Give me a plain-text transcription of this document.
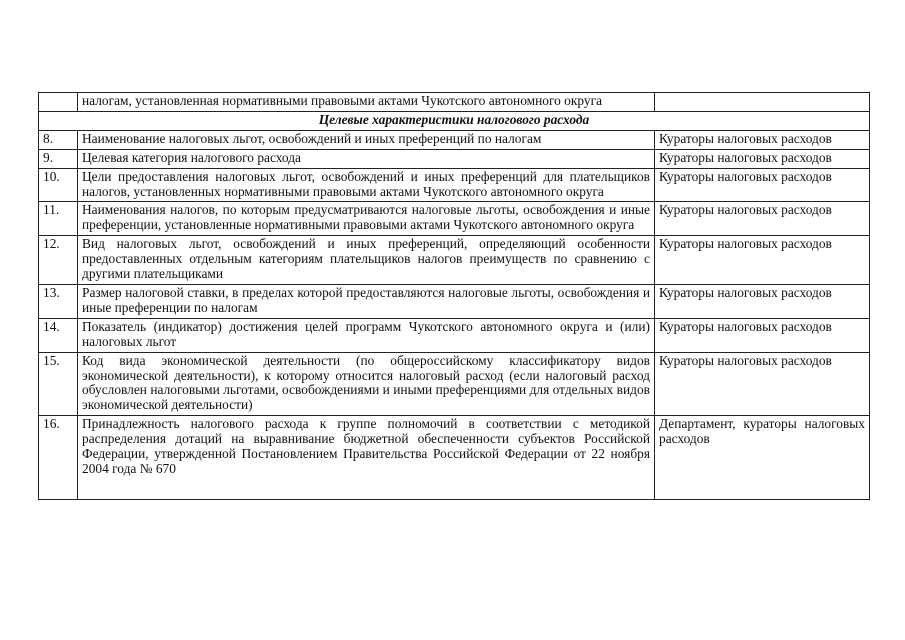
	налогам, установленная нормативными правовыми актами Чукотского автономного округа	
Целевые характеристики налогового расхода		
8.	Наименование налоговых льгот, освобождений и иных преференций по налогам	Кураторы налоговых расходов
9.	Целевая категория налогового расхода	Кураторы налоговых расходов
10.	Цели предоставления налоговых льгот, освобождений и иных преференций для плательщиков налогов, установленных нормативными правовыми актами Чукотского автономного округа	Кураторы налоговых расходов
11.	Наименования налогов, по которым предусматриваются налоговые льготы, освобождения и иные преференции, установленные нормативными правовыми актами Чукотского автономного округа	Кураторы налоговых расходов
12.	Вид налоговых льгот, освобождений и иных преференций, определяющий особенности предоставленных отдельным категориям плательщиков налогов преимуществ по сравнению с другими плательщиками	Кураторы налоговых расходов
13.	Размер налоговой ставки, в пределах которой предоставляются налоговые льготы, освобождения и иные преференции по налогам	Кураторы налоговых расходов
14.	Показатель (индикатор) достижения целей программ Чукотского автономного округа и (или) налоговых льгот	Кураторы налоговых расходов
15.	Код вида экономической деятельности (по общероссийскому классификатору видов экономической деятельности), к которому относится налоговый расход (если налоговый расход обусловлен налоговыми льготами, освобождениями и иными преференциями для отдельных видов экономической деятельности)	Кураторы налоговых расходов
16.	Принадлежность налогового расхода к группе полномочий в соответствии с методикой распределения дотаций на выравнивание бюджетной обеспеченности субъектов Российской Федерации, утвержденной Постановлением Правительства Российской Федерации от 22 ноября 2004 года № 670	Департамент, кураторы налоговых расходов
